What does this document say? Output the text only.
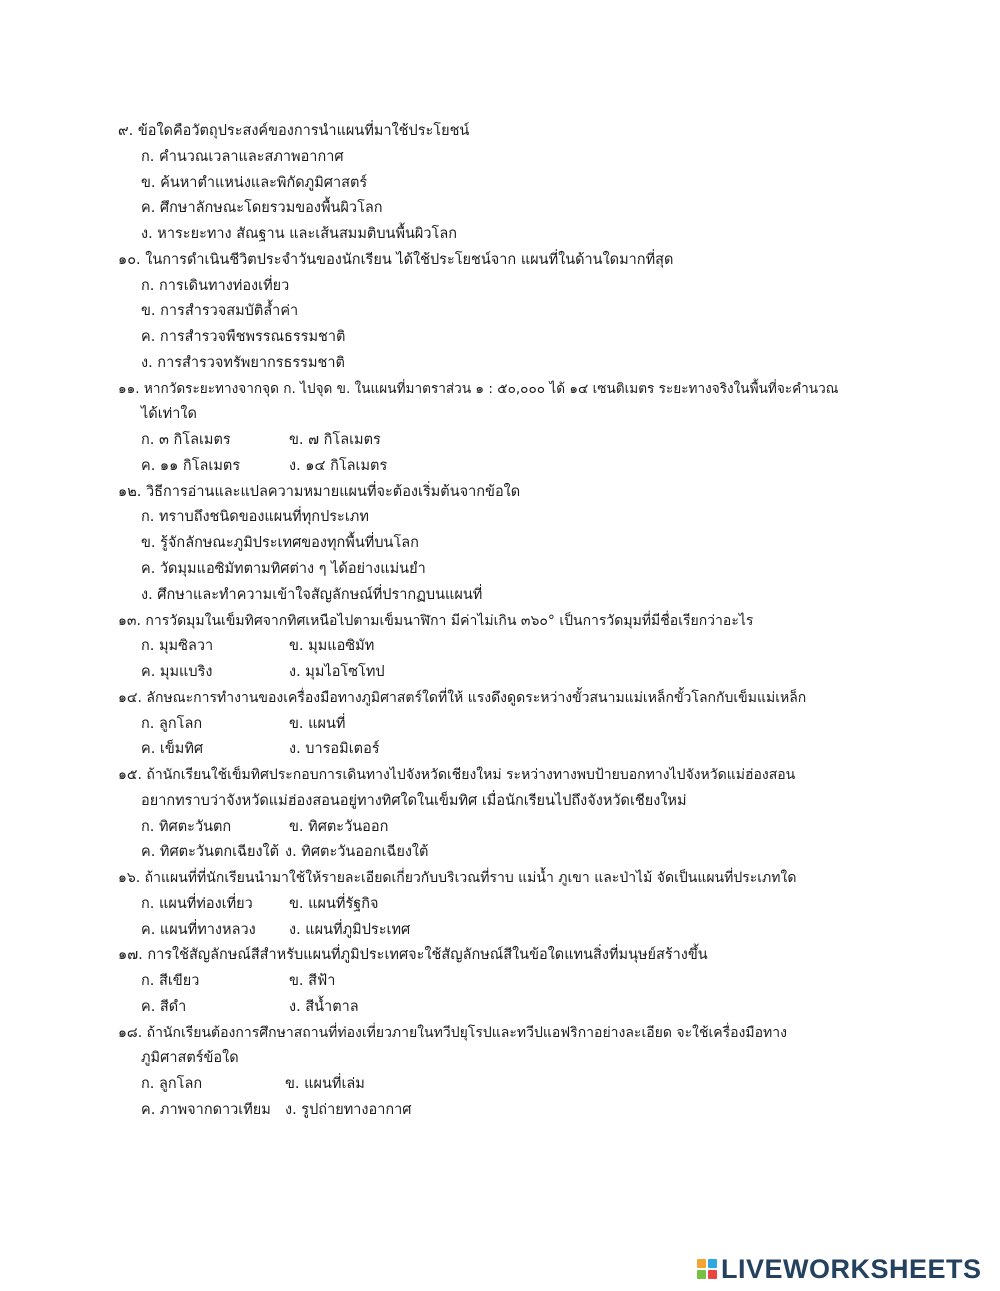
๙. ข้อใดคือวัตถุประสงค์ของการนำแผนที่มาใช้ประโยชน์
ก. คำนวณเวลาและสภาพอากาศ
ข. ค้นหาตำแหน่งและพิกัดภูมิศาสตร์
ค. ศึกษาลักษณะโดยรวมของพื้นผิวโลก
ง. หาระยะทาง สัณฐาน และเส้นสมมติบนพื้นผิวโลก
๑๐. ในการดำเนินชีวิตประจำวันของนักเรียน ได้ใช้ประโยชน์จาก แผนที่ในด้านใดมากที่สุด
ก. การเดินทางท่องเที่ยว
ข. การสำรวจสมบัติล้ำค่า
ค. การสำรวจพืชพรรณธรรมชาติ
ง. การสำรวจทรัพยากรธรรมชาติ
๑๑. หากวัดระยะทางจากจุด ก. ไปจุด ข. ในแผนที่มาตราส่วน ๑ : ๕๐,๐๐๐ ได้ ๑๔ เซนติเมตร ระยะทางจริงในพื้นที่จะคำนวณ
ได้เท่าใด
ก. ๓ กิโลเมตร	ข. ๗ กิโลเมตร
ค. ๑๑ กิโลเมตร	ง. ๑๔ กิโลเมตร
๑๒. วิธีการอ่านและแปลความหมายแผนที่จะต้องเริ่มต้นจากข้อใด
ก. ทราบถึงชนิดของแผนที่ทุกประเภท
ข. รู้จักลักษณะภูมิประเทศของทุกพื้นที่บนโลก
ค. วัดมุมแอซิมัทตามทิศต่าง ๆ ได้อย่างแม่นยำ
ง. ศึกษาและทำความเข้าใจสัญลักษณ์ที่ปรากฏบนแผนที่
๑๓. การวัดมุมในเข็มทิศจากทิศเหนือไปตามเข็มนาฬิกา มีค่าไม่เกิน ๓๖๐° เป็นการวัดมุมที่มีชื่อเรียกว่าอะไร
ก. มุมซิลวา	ข. มุมแอซิมัท
ค. มุมแบริง	ง. มุมไอโซโทป
๑๔. ลักษณะการทำงานของเครื่องมือทางภูมิศาสตร์ใดที่ให้ แรงดึงดูดระหว่างขั้วสนามแม่เหล็กขั้วโลกกับเข็มแม่เหล็ก
ก. ลูกโลก	ข. แผนที่
ค. เข็มทิศ	ง. บารอมิเตอร์
๑๕. ถ้านักเรียนใช้เข็มทิศประกอบการเดินทางไปจังหวัดเชียงใหม่ ระหว่างทางพบป้ายบอกทางไปจังหวัดแม่ฮ่องสอน
อยากทราบว่าจังหวัดแม่ฮ่องสอนอยู่ทางทิศใดในเข็มทิศ เมื่อนักเรียนไปถึงจังหวัดเชียงใหม่
ก. ทิศตะวันตก	ข. ทิศตะวันออก
ค. ทิศตะวันตกเฉียงใต้ ง. ทิศตะวันออกเฉียงใต้
๑๖. ถ้าแผนที่ที่นักเรียนนำมาใช้ให้รายละเอียดเกี่ยวกับบริเวณที่ราบ แม่น้ำ ภูเขา และป่าไม้ จัดเป็นแผนที่ประเภทใด
ก. แผนที่ท่องเที่ยว ข. แผนที่รัฐกิจ
ค. แผนที่ทางหลวง ง. แผนที่ภูมิประเทศ
๑๗. การใช้สัญลักษณ์สีสำหรับแผนที่ภูมิประเทศจะใช้สัญลักษณ์สีในข้อใดแทนสิ่งที่มนุษย์สร้างขึ้น
ก. สีเขียว	ข. สีฟ้า
ค. สีดำ	ง. สีน้ำตาล
๑๘. ถ้านักเรียนต้องการศึกษาสถานที่ท่องเที่ยวภายในทวีปยุโรปและทวีปแอฟริกาอย่างละเอียด จะใช้เครื่องมือทาง
ภูมิศาสตร์ข้อใด
ก. ลูกโลก	ข. แผนที่เล่ม
ค. ภาพจากดาวเทียม ง. รูปถ่ายทางอากาศ
LIVEWORKSHEETS
